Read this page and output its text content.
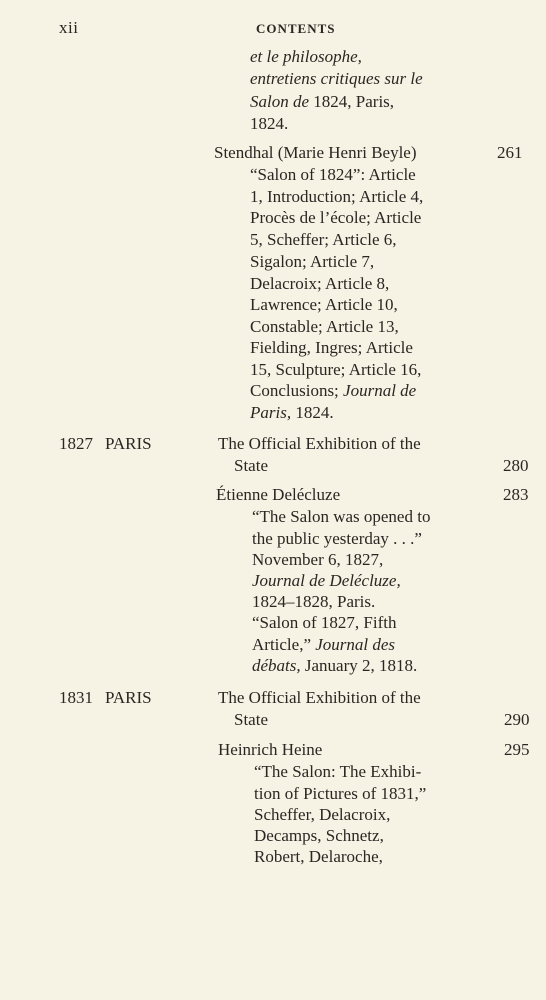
xii	CONTENTS
et le philosophe,
entretiens critiques sur le
Salon de 1824, Paris,
1824.
Stendhal (Marie Henri Beyle)	261
“Salon of 1824”: Article
1, Introduction; Article 4,
Procès de l’école; Article
5, Scheffer; Article 6,
Sigalon; Article 7,
Delacroix; Article 8,
Lawrence; Article 10,
Constable; Article 13,
Fielding, Ingres; Article
15, Sculpture; Article 16,
Conclusions; Journal de
Paris, 1824.
1827 PARIS	The Official Exhibition of the
State	280
Étienne Delécluze	283
“The Salon was opened to
the public yesterday . . .”
November 6, 1827,
Journal de Delécluze,
1824–1828, Paris.
“Salon of 1827, Fifth
Article,” Journal des
débats, January 2, 1818.
1831 PARIS	The Official Exhibition of the
State	290
Heinrich Heine	295
“The Salon: The Exhibi-
tion of Pictures of 1831,”
Scheffer, Delacroix,
Decamps, Schnetz,
Robert, Delaroche,
